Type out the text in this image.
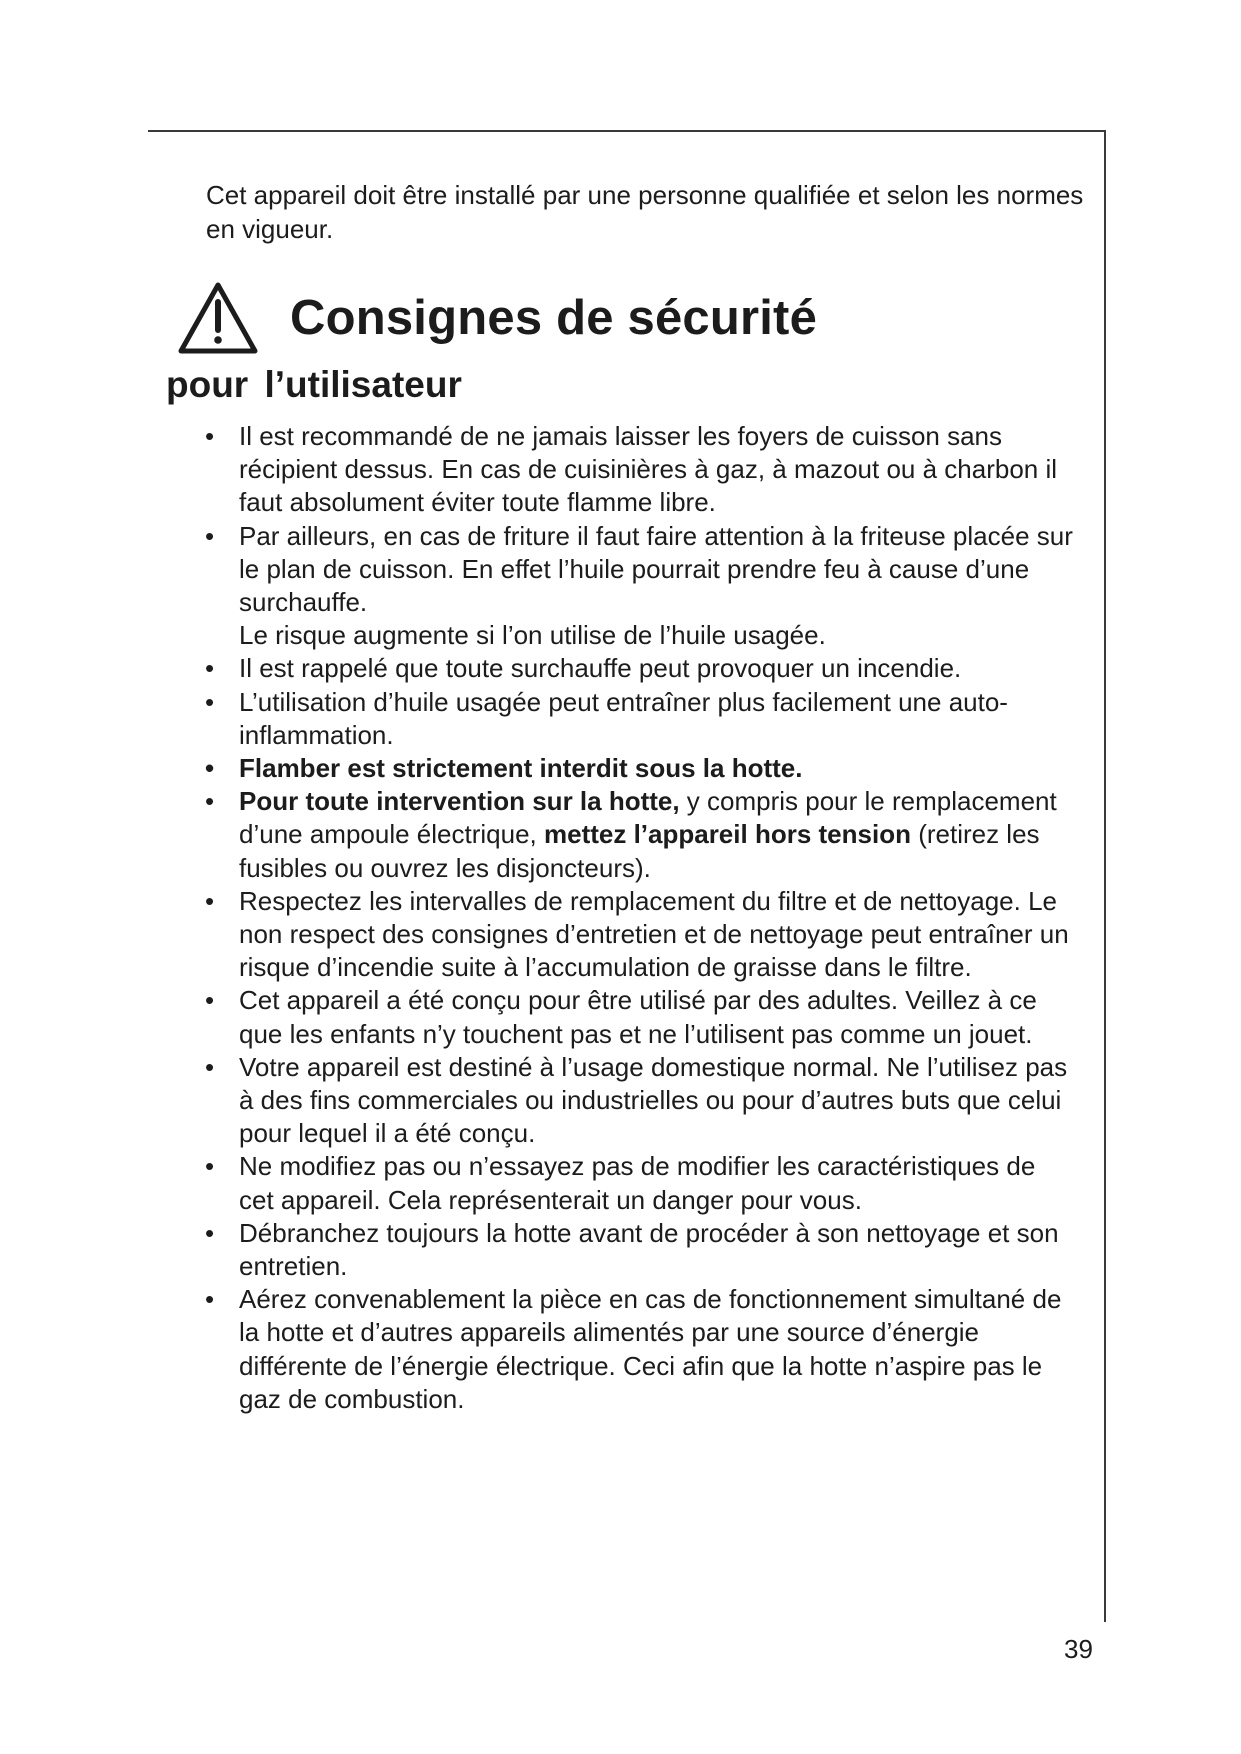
Cet appareil doit être installé par une personne qualifiée et selon les normes en vigueur.

Consignes de sécurité
pour l’utilisateur
• Il est recommandé de ne jamais laisser les foyers de cuisson sans récipient dessus. En cas de cuisinières à gaz, à mazout ou à charbon il faut absolument éviter toute flamme libre.
• Par ailleurs, en cas de friture il faut faire attention à la friteuse placée sur le plan de cuisson. En effet l’huile pourrait prendre feu à cause d’une surchauffe.
Le risque augmente si l’on utilise de l’huile usagée.
• Il est rappelé que toute surchauffe peut provoquer un incendie.
• L’utilisation d’huile usagée peut entraîner plus facilement une auto-inflammation.
• Flamber est strictement interdit sous la hotte.
• Pour toute intervention sur la hotte, y compris pour le remplacement d’une ampoule électrique, mettez l’appareil hors tension (retirez les fusibles ou ouvrez les disjoncteurs).
• Respectez les intervalles de remplacement du filtre et de nettoyage. Le non respect des consignes d’entretien et de nettoyage peut entraîner un risque d’incendie suite à l’accumulation de graisse dans le filtre.
• Cet appareil a été conçu pour être utilisé par des adultes. Veillez à ce que les enfants n’y touchent pas et ne l’utilisent pas comme un jouet.
• Votre appareil est destiné à l’usage domestique normal. Ne l’utilisez pas à des fins commerciales ou industrielles ou pour d’autres buts que celui pour lequel il a été conçu.
• Ne modifiez pas ou n’essayez pas de modifier les caractéristiques de cet appareil. Cela représenterait un danger pour vous.
• Débranchez toujours la hotte avant de procéder à son nettoyage et son entretien.
• Aérez convenablement la pièce en cas de fonctionnement simultané de la hotte et d’autres appareils alimentés par une source d’énergie différente de l’énergie électrique. Ceci afin que la hotte n’aspire pas le gaz de combustion.

39
